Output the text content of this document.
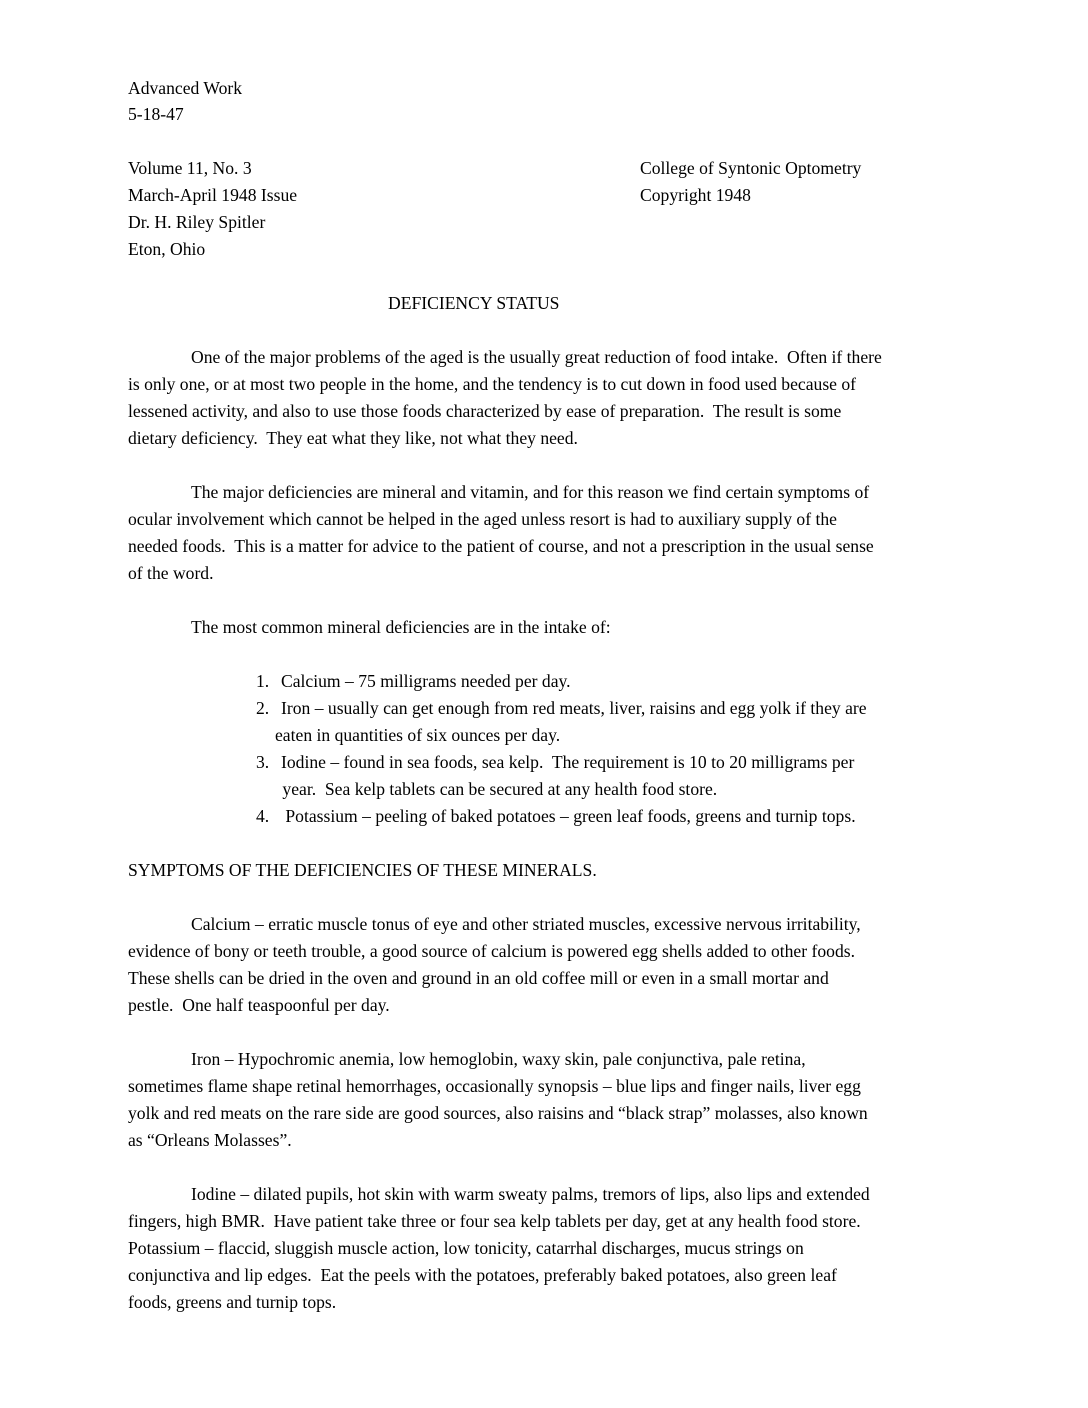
Advanced Work
5-18-47
Volume 11, No. 3
March-April 1948 Issue
Dr. H. Riley Spitler
Eton, Ohio
College of Syntonic Optometry
Copyright 1948
DEFICIENCY STATUS
One of the major problems of the aged is the usually great reduction of food intake.  Often if there
is only one, or at most two people in the home, and the tendency is to cut down in food used because of
lessened activity, and also to use those foods characterized by ease of preparation.  The result is some
dietary deficiency.  They eat what they like, not what they need.
The major deficiencies are mineral and vitamin, and for this reason we find certain symptoms of
ocular involvement which cannot be helped in the aged unless resort is had to auxiliary supply of the
needed foods.  This is a matter for advice to the patient of course, and not a prescription in the usual sense
of the word.
The most common mineral deficiencies are in the intake of:
1. Calcium – 75 milligrams needed per day.
2. Iron – usually can get enough from red meats, liver, raisins and egg yolk if they are
eaten in quantities of six ounces per day.
3. Iodine – found in sea foods, sea kelp.  The requirement is 10 to 20 milligrams per
year.  Sea kelp tablets can be secured at any health food store.
4. Potassium – peeling of baked potatoes – green leaf foods, greens and turnip tops.
SYMPTOMS OF THE DEFICIENCIES OF THESE MINERALS.
Calcium – erratic muscle tonus of eye and other striated muscles, excessive nervous irritability,
evidence of bony or teeth trouble, a good source of calcium is powered egg shells added to other foods.
These shells can be dried in the oven and ground in an old coffee mill or even in a small mortar and
pestle.  One half teaspoonful per day.
Iron – Hypochromic anemia, low hemoglobin, waxy skin, pale conjunctiva, pale retina,
sometimes flame shape retinal hemorrhages, occasionally synopsis – blue lips and finger nails, liver egg
yolk and red meats on the rare side are good sources, also raisins and “black strap” molasses, also known
as “Orleans Molasses”.
Iodine – dilated pupils, hot skin with warm sweaty palms, tremors of lips, also lips and extended
fingers, high BMR.  Have patient take three or four sea kelp tablets per day, get at any health food store.
Potassium – flaccid, sluggish muscle action, low tonicity, catarrhal discharges, mucus strings on
conjunctiva and lip edges.  Eat the peels with the potatoes, preferably baked potatoes, also green leaf
foods, greens and turnip tops.
